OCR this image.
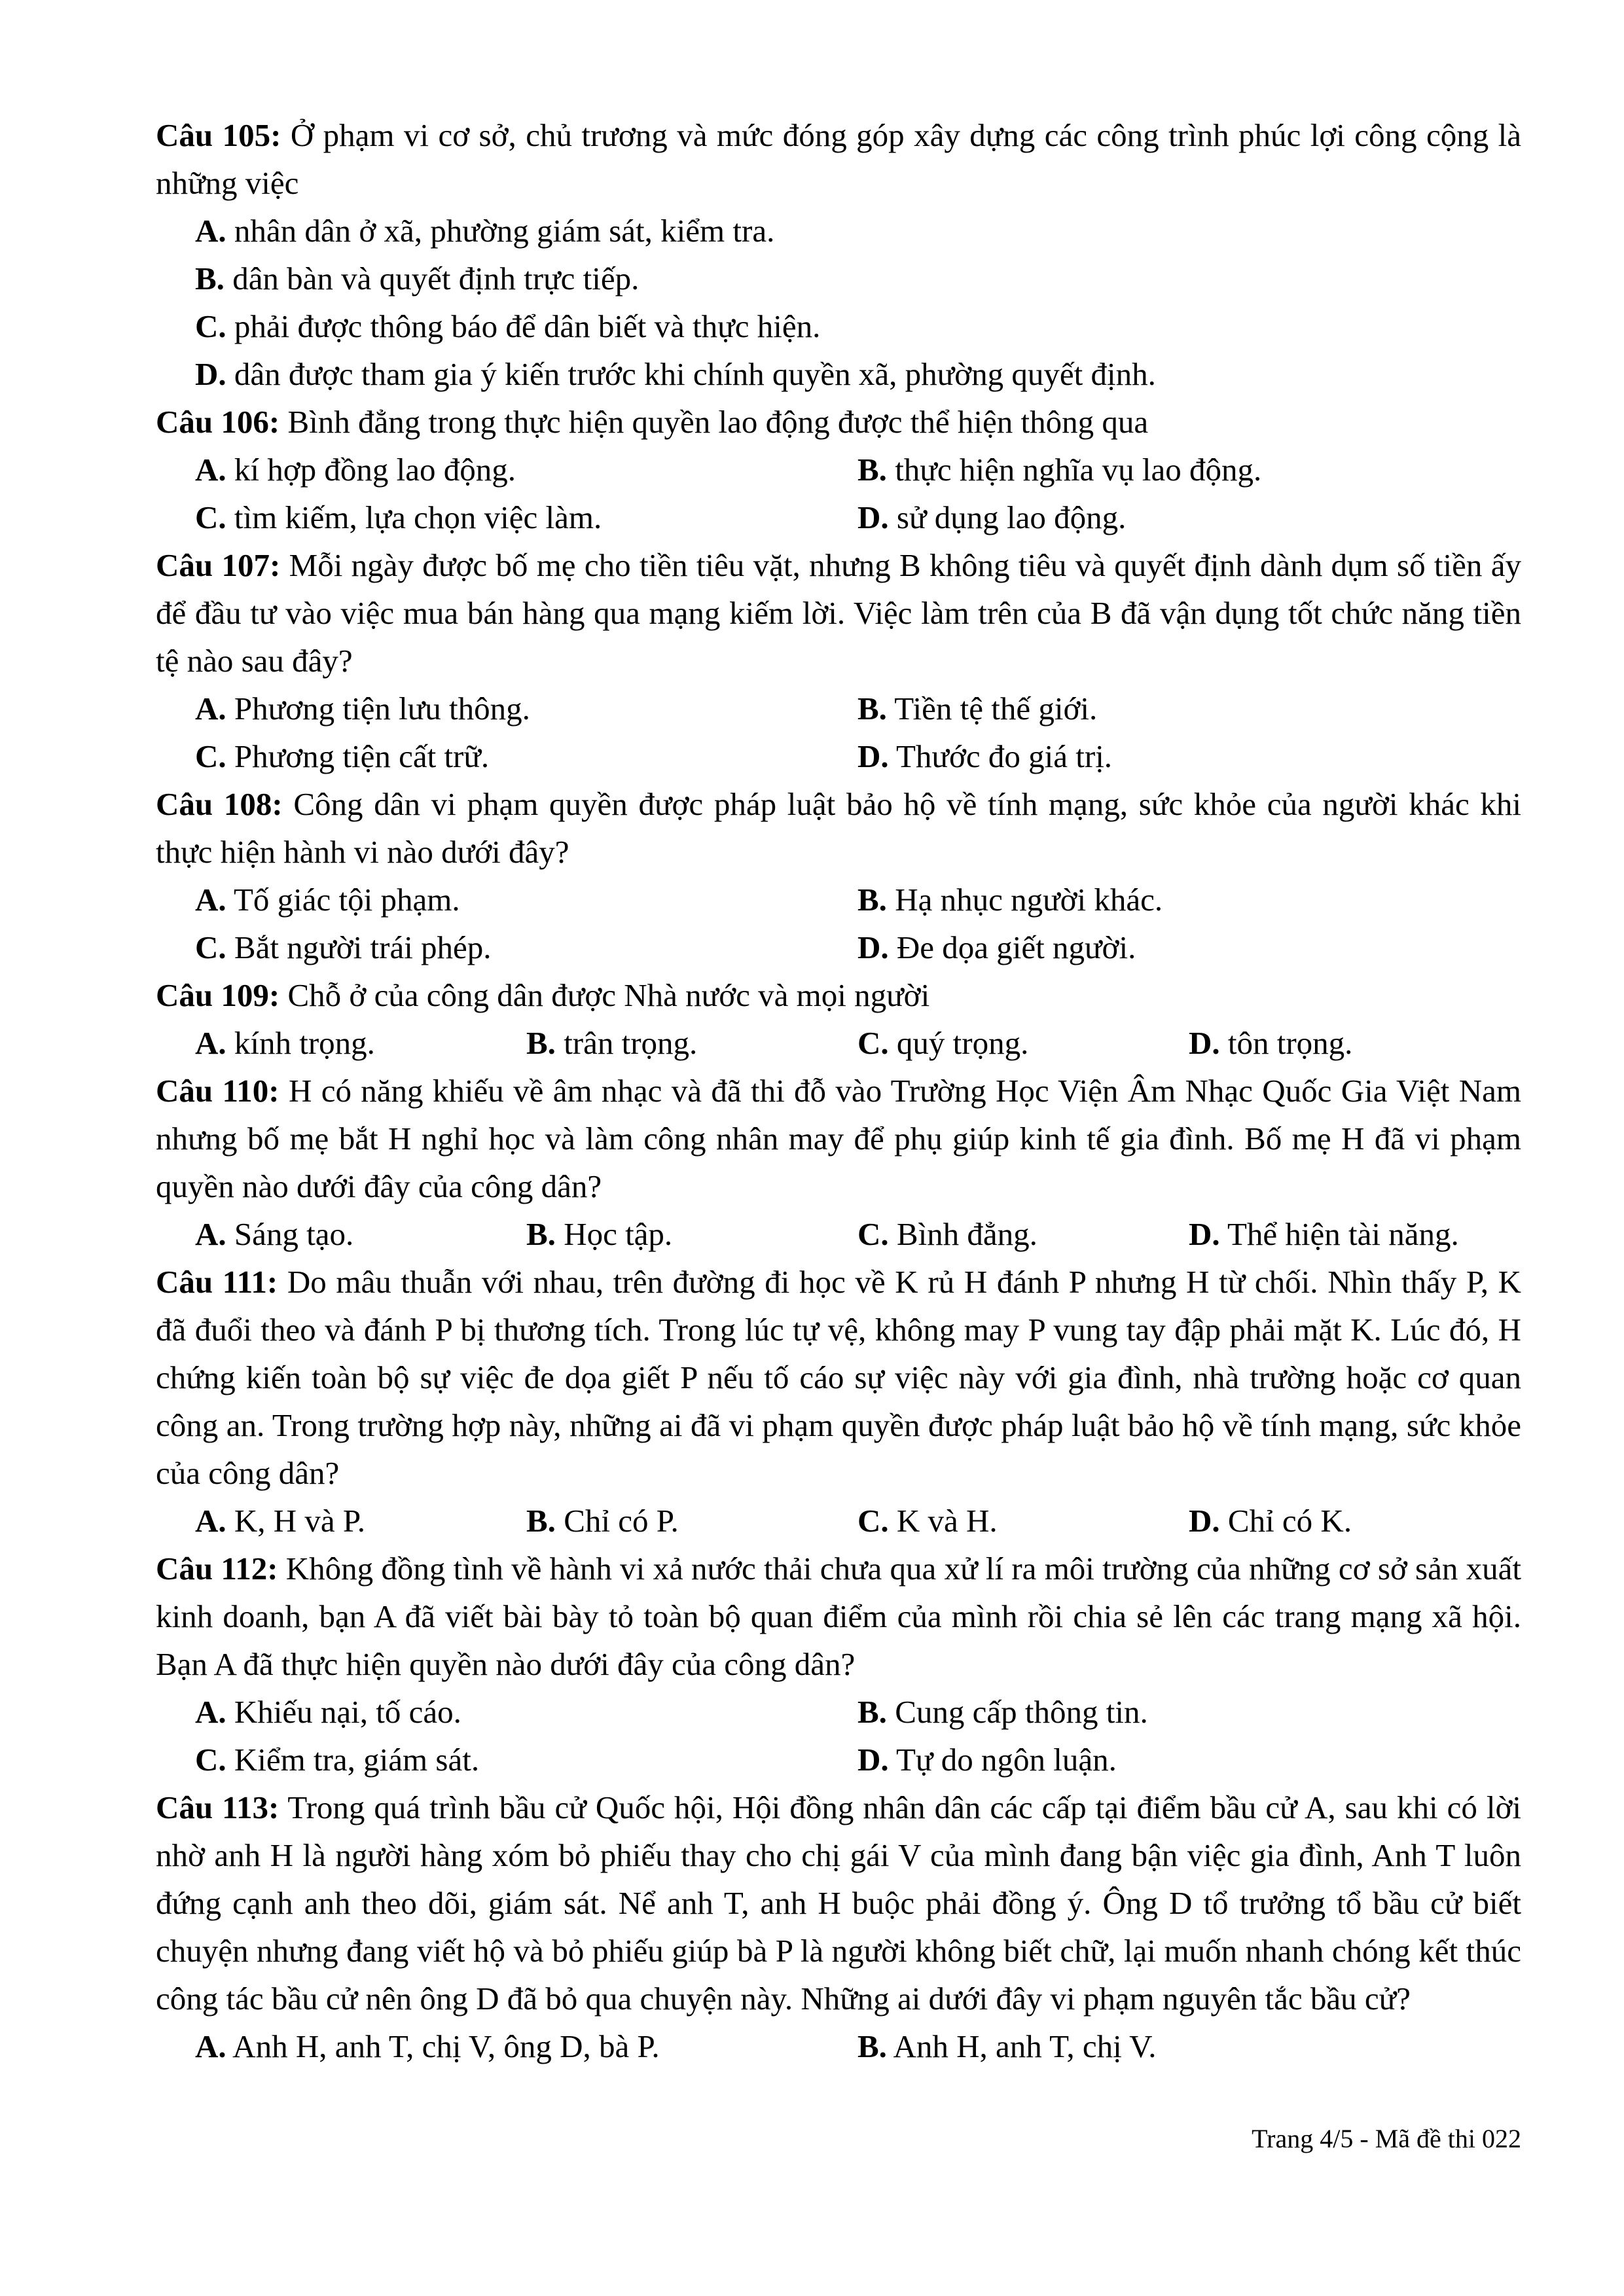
Câu 105: Ở phạm vi cơ sở, chủ trương và mức đóng góp xây dựng các công trình phúc lợi công cộng là những việc
A. nhân dân ở xã, phường giám sát, kiểm tra.
B. dân bàn và quyết định trực tiếp.
C. phải được thông báo để dân biết và thực hiện.
D. dân được tham gia ý kiến trước khi chính quyền xã, phường quyết định.
Câu 106: Bình đẳng trong thực hiện quyền lao động được thể hiện thông qua
A. kí hợp đồng lao động.	B. thực hiện nghĩa vụ lao động.
C. tìm kiếm, lựa chọn việc làm.	D. sử dụng lao động.
Câu 107: Mỗi ngày được bố mẹ cho tiền tiêu vặt, nhưng B không tiêu và quyết định dành dụm số tiền ấy để đầu tư vào việc mua bán hàng qua mạng kiếm lời. Việc làm trên của B đã vận dụng tốt chức năng tiền tệ nào sau đây?
A. Phương tiện lưu thông.	B. Tiền tệ thế giới.
C. Phương tiện cất trữ.	D. Thước đo giá trị.
Câu 108: Công dân vi phạm quyền được pháp luật bảo hộ về tính mạng, sức khỏe của người khác khi thực hiện hành vi nào dưới đây?
A. Tố giác tội phạm.	B. Hạ nhục người khác.
C. Bắt người trái phép.	D. Đe dọa giết người.
Câu 109: Chỗ ở của công dân được Nhà nước và mọi người
A. kính trọng.	B. trân trọng.	C. quý trọng.	D. tôn trọng.
Câu 110: H có năng khiếu về âm nhạc và đã thi đỗ vào Trường Học Viện Âm Nhạc Quốc Gia Việt Nam nhưng bố mẹ bắt H nghỉ học và làm công nhân may để phụ giúp kinh tế gia đình. Bố mẹ H đã vi phạm quyền nào dưới đây của công dân?
A. Sáng tạo.	B. Học tập.	C. Bình đẳng.	D. Thể hiện tài năng.
Câu 111: Do mâu thuẫn với nhau, trên đường đi học về K rủ H đánh P nhưng H từ chối. Nhìn thấy P, K đã đuổi theo và đánh P bị thương tích. Trong lúc tự vệ, không may P vung tay đập phải mặt K. Lúc đó, H chứng kiến toàn bộ sự việc đe dọa giết P nếu tố cáo sự việc này với gia đình, nhà trường hoặc cơ quan công an. Trong trường hợp này, những ai đã vi phạm quyền được pháp luật bảo hộ về tính mạng, sức khỏe của công dân?
A. K, H và P.	B. Chỉ có P.	C. K và H.	D. Chỉ có K.
Câu 112: Không đồng tình về hành vi xả nước thải chưa qua xử lí ra môi trường của những cơ sở sản xuất kinh doanh, bạn A đã viết bài bày tỏ toàn bộ quan điểm của mình rồi chia sẻ lên các trang mạng xã hội. Bạn A đã thực hiện quyền nào dưới đây của công dân?
A. Khiếu nại, tố cáo.	B. Cung cấp thông tin.
C. Kiểm tra, giám sát.	D. Tự do ngôn luận.
Câu 113: Trong quá trình bầu cử Quốc hội, Hội đồng nhân dân các cấp tại điểm bầu cử A, sau khi có lời nhờ anh H là người hàng xóm bỏ phiếu thay cho chị gái V của mình đang bận việc gia đình, Anh T luôn đứng cạnh anh theo dõi, giám sát. Nể anh T, anh H buộc phải đồng ý. Ông D tổ trưởng tổ bầu cử biết chuyện nhưng đang viết hộ và bỏ phiếu giúp bà P là người không biết chữ, lại muốn nhanh chóng kết thúc công tác bầu cử nên ông D đã bỏ qua chuyện này. Những ai dưới đây vi phạm nguyên tắc bầu cử?
A. Anh H, anh T, chị V, ông D, bà P.	B. Anh H, anh T, chị V.
Trang 4/5 - Mã đề thi 022
